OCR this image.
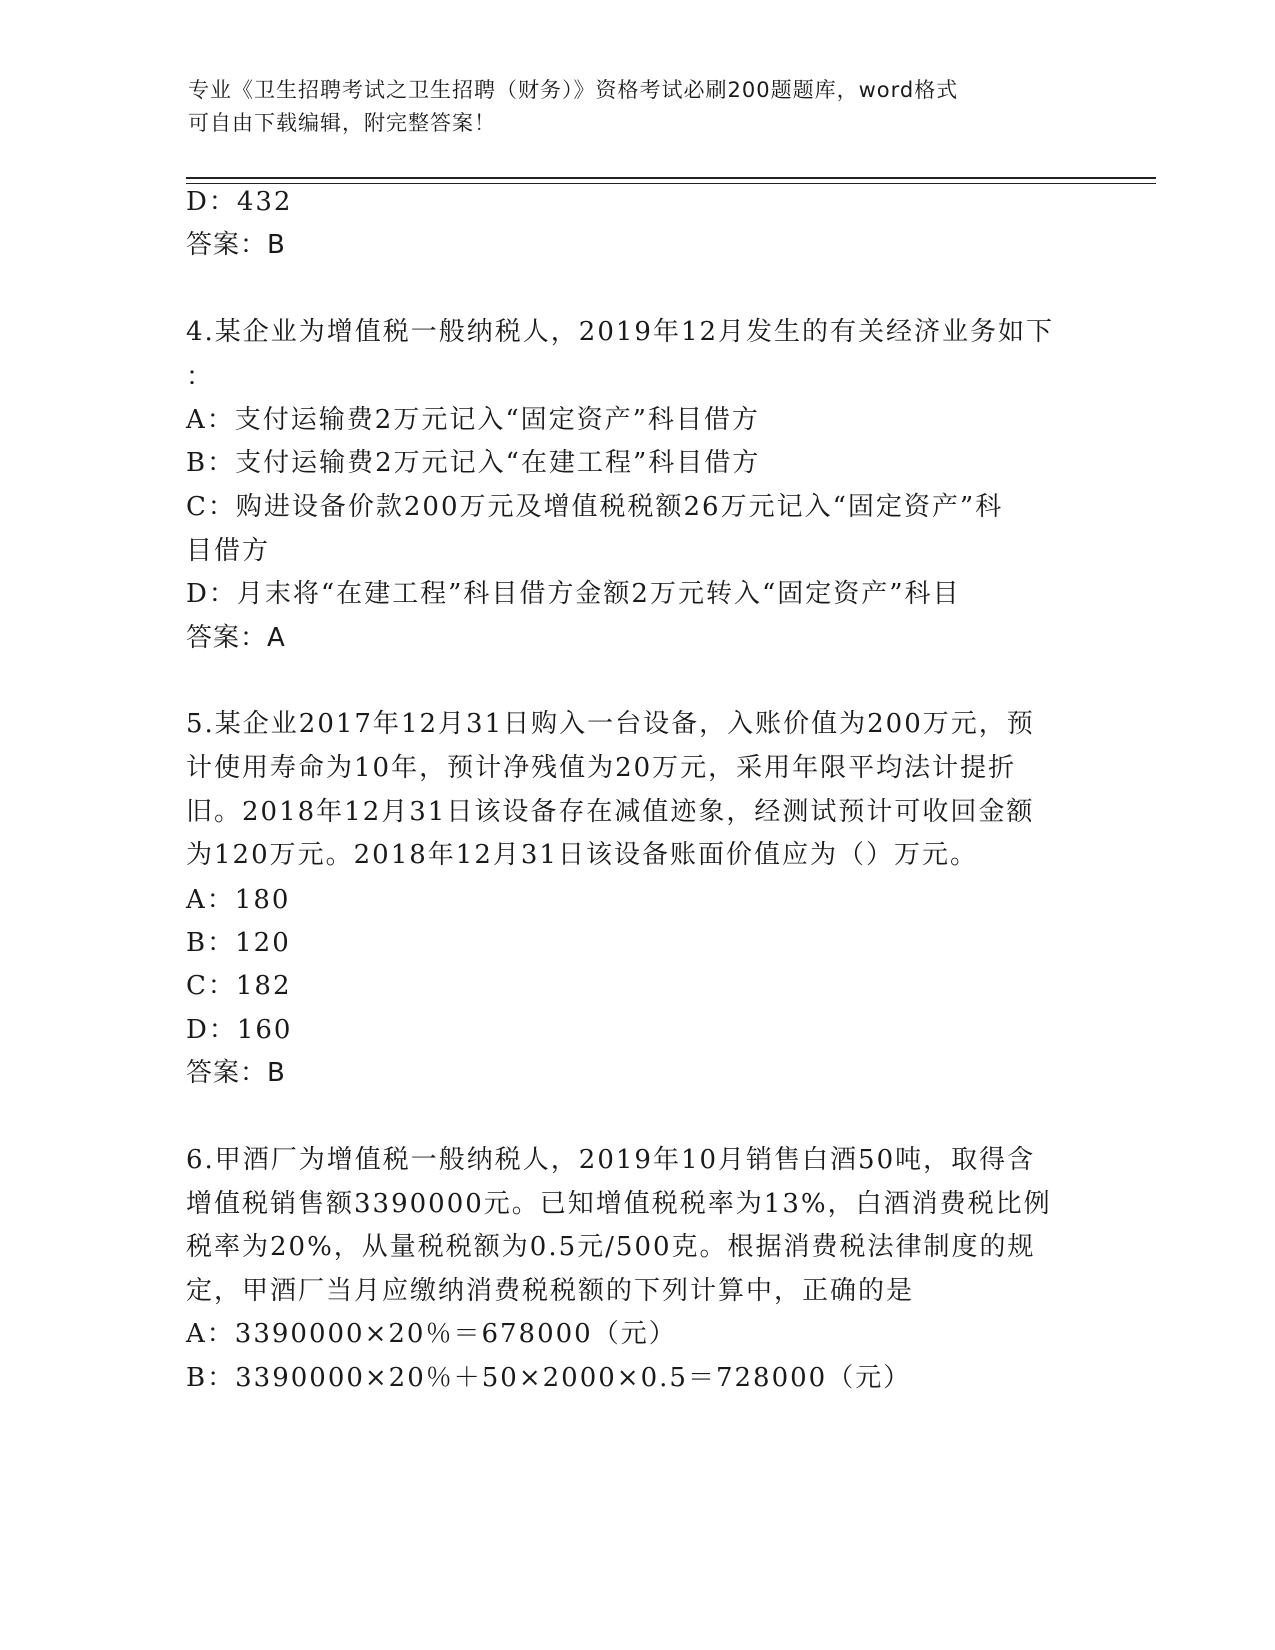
专业《卫生招聘考试之卫生招聘（财务）》资格考试必刷200题题库，word格式
可自由下载编辑，附完整答案！
D：432
答案：B
4.某企业为增值税一般纳税人，2019年12月发生的有关经济业务如下
：
A：支付运输费2万元记入“固定资产”科目借方
B：支付运输费2万元记入“在建工程”科目借方
C：购进设备价款200万元及增值税税额26万元记入“固定资产”科
目借方
D：月末将“在建工程”科目借方金额2万元转入“固定资产”科目
答案：A
5.某企业2017年12月31日购入一台设备，入账价值为200万元，预
计使用寿命为10年，预计净残值为20万元，采用年限平均法计提折
旧。2018年12月31日该设备存在减值迹象，经测试预计可收回金额
为120万元。2018年12月31日该设备账面价值应为（）万元。
A：180
B：120
C：182
D：160
答案：B
6.甲酒厂为增值税一般纳税人，2019年10月销售白酒50吨，取得含
增值税销售额3390000元。已知增值税税率为13%，白酒消费税比例
税率为20%，从量税税额为0.5元/500克。根据消费税法律制度的规
定，甲酒厂当月应缴纳消费税税额的下列计算中，正确的是
A：3390000×20％＝678000（元）
B：3390000×20％＋50×2000×0.5＝728000（元）
